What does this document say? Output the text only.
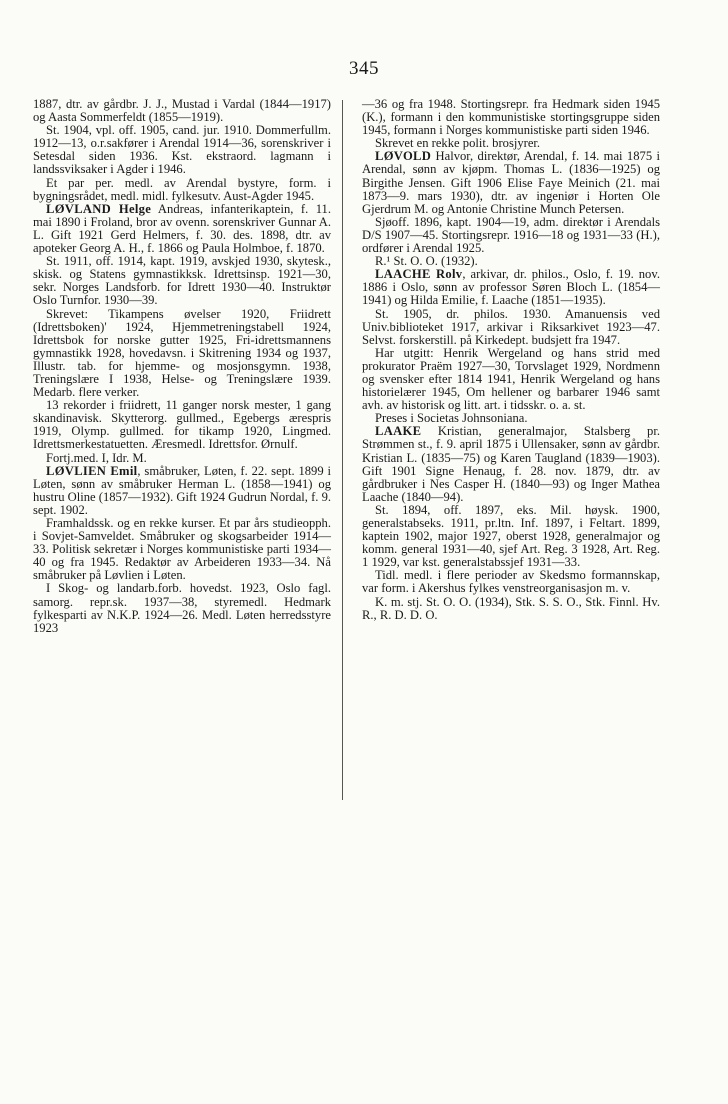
345

1887, dtr. av gårdbr. J. J., Mustad i Vardal (1844—1917) og Aasta Sommerfeldt (1855—1919).

St. 1904, vpl. off. 1905, cand. jur. 1910. Dommerfullm. 1912—13, o.r.sakfører i Arendal 1914—36, sorenskriver i Setesdal siden 1936. Kst. ekstraord. lagmann i landssviksaker i Agder i 1946.

Et par per. medl. av Arendal bystyre, form. i bygningsrådet, medl. midl. fylkesutv. Aust-Agder 1945.

LØVLAND Helge Andreas, infanterikaptein, f. 11. mai 1890 i Froland, bror av ovenn. sorenskriver Gunnar A. L. Gift 1921 Gerd Helmers, f. 30. des. 1898, dtr. av apoteker Georg A. H., f. 1866 og Paula Holmboe, f. 1870.

St. 1911, off. 1914, kapt. 1919, avskjed 1930, skytesk., skisk. og Statens gymnastikksk. Idrettsinsp. 1921—30, sekr. Norges Landsforb. for Idrett 1930—40. Instruktør Oslo Turnfor. 1930—39.

Skrevet: Tikampens øvelser 1920, Friidrett (Idrettsboken)' 1924, Hjemmetreningstabell 1924, Idrettsbok for norske gutter 1925, Fri-idrettsmannens gymnastikk 1928, hovedavsn. i Skitrening 1934 og 1937, Illustr. tab. for hjemme- og mosjonsgymn. 1938, Treningslære I 1938, Helse- og Treningslære 1939. Medarb. flere verker.

13 rekorder i friidrett, 11 ganger norsk mester, 1 gang skandinavisk. Skytterorg. gullmed., Egebergs ærespris 1919, Olymp. gullmed. for tikamp 1920, Lingmed. Idrettsmerkestatuetten. Æresmedl. Idrettsfor. Ørnulf.

Fortj.med. I, Idr. M.

LØVLIEN Emil, småbruker, Løten, f. 22. sept. 1899 i Løten, sønn av småbruker Herman L. (1858—1941) og hustru Oline (1857—1932). Gift 1924 Gudrun Nordal, f. 9. sept. 1902.

Framhaldssk. og en rekke kurser. Et par års studieopph. i Sovjet-Samveldet. Småbruker og skogsarbeider 1914—33. Politisk sekretær i Norges kommunistiske parti 1934—40 og fra 1945. Redaktør av Arbeideren 1933—34. Nå småbruker på Løvlien i Løten.

I Skog- og landarb.forb. hovedst. 1923, Oslo fagl. samorg. repr.sk. 1937—38, styremedl. Hedmark fylkesparti av N.K.P. 1924—26. Medl. Løten herredsstyre 1923

—36 og fra 1948. Stortingsrepr. fra Hedmark siden 1945 (K.), formann i den kommunistiske stortingsgruppe siden 1945, formann i Norges kommunistiske parti siden 1946.

Skrevet en rekke polit. brosjyrer.

LØVOLD Halvor, direktør, Arendal, f. 14. mai 1875 i Arendal, sønn av kjøpm. Thomas L. (1836—1925) og Birgithe Jensen. Gift 1906 Elise Faye Meinich (21. mai 1873—9. mars 1930), dtr. av ingeniør i Horten Ole Gjerdrum M. og Antonie Christine Munch Petersen.

Sjøoff. 1896, kapt. 1904—19, adm. direktør i Arendals D/S 1907—45. Stortingsrepr. 1916—18 og 1931—33 (H.), ordfører i Arendal 1925.

R.¹ St. O. O. (1932).

LAACHE Rolv, arkivar, dr. philos., Oslo, f. 19. nov. 1886 i Oslo, sønn av professor Søren Bloch L. (1854—1941) og Hilda Emilie, f. Laache (1851—1935).

St. 1905, dr. philos. 1930. Amanuensis ved Univ.biblioteket 1917, arkivar i Riksarkivet 1923—47. Selvst. forskerstill. på Kirkedept. budsjett fra 1947.

Har utgitt: Henrik Wergeland og hans strid med prokurator Praëm 1927—30, Torvslaget 1929, Nordmenn og svensker efter 1814 1941, Henrik Wergeland og hans historielærer 1945, Om hellener og barbarer 1946 samt avh. av historisk og litt. art. i tidsskr. o. a. st.

Preses i Societas Johnsoniana.

LAAKE Kristian, generalmajor, Stalsberg pr. Strømmen st., f. 9. april 1875 i Ullensaker, sønn av gårdbr. Kristian L. (1835—75) og Karen Taugland (1839—1903). Gift 1901 Signe Henaug, f. 28. nov. 1879, dtr. av gårdbruker i Nes Casper H. (1840—93) og Inger Mathea Laache (1840—94).

St. 1894, off. 1897, eks. Mil. høysk. 1900, generalstabseks. 1911, pr.ltn. Inf. 1897, i Feltart. 1899, kaptein 1902, major 1927, oberst 1928, generalmajor og komm. general 1931—40, sjef Art. Reg. 3 1928, Art. Reg. 1 1929, var kst. generalstabssjef 1931—33.

Tidl. medl. i flere perioder av Skedsmo formannskap, var form. i Akershus fylkes venstreorganisasjon m. v.

K. m. stj. St. O. O. (1934), Stk. S. S. O., Stk. Finnl. Hv. R., R. D. D. O.
